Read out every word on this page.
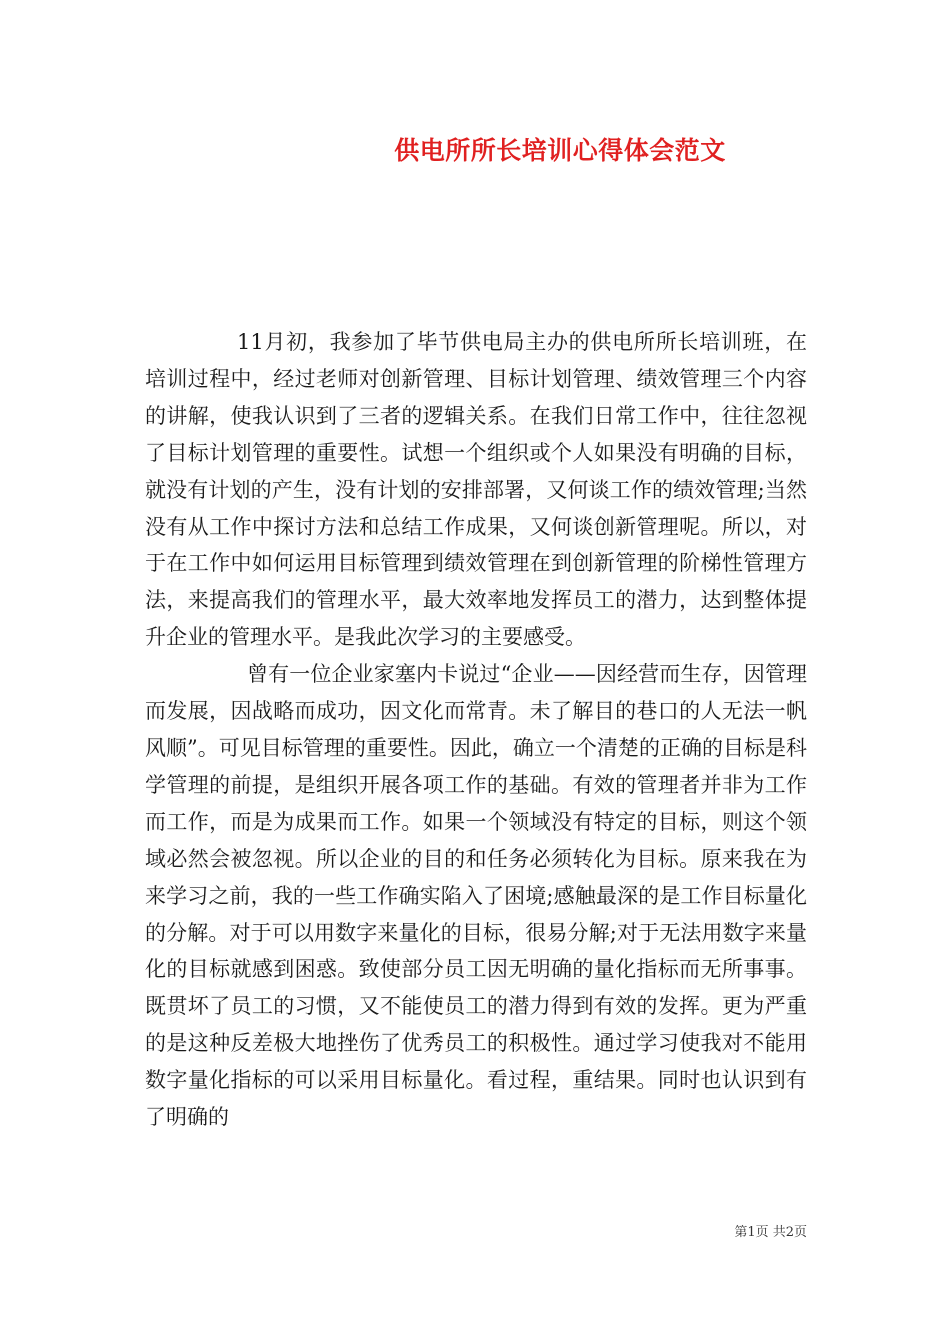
供电所所长培训心得体会范文

11月初，我参加了毕节供电局主办的供电所所长培训班，在培训过程中，经过老师对创新管理、目标计划管理、绩效管理三个内容的讲解，使我认识到了三者的逻辑关系。在我们日常工作中，往往忽视了目标计划管理的重要性。试想一个组织或个人如果没有明确的目标，就没有计划的产生，没有计划的安排部署，又何谈工作的绩效管理;当然没有从工作中探讨方法和总结工作成果，又何谈创新管理呢。所以，对于在工作中如何运用目标管理到绩效管理在到创新管理的阶梯性管理方法，来提高我们的管理水平，最大效率地发挥员工的潜力，达到整体提升企业的管理水平。是我此次学习的主要感受。

曾有一位企业家塞内卡说过“企业——因经营而生存，因管理而发展，因战略而成功，因文化而常青。未了解目的巷口的人无法一帆风顺”。可见目标管理的重要性。因此，确立一个清楚的正确的目标是科学管理的前提，是组织开展各项工作的基础。有效的管理者并非为工作而工作，而是为成果而工作。如果一个领域没有特定的目标，则这个领域必然会被忽视。所以企业的目的和任务必须转化为目标。原来我在为来学习之前，我的一些工作确实陷入了困境;感触最深的是工作目标量化的分解。对于可以用数字来量化的目标，很易分解;对于无法用数字来量化的目标就感到困惑。致使部分员工因无明确的量化指标而无所事事。既贯坏了员工的习惯，又不能使员工的潜力得到有效的发挥。更为严重的是这种反差极大地挫伤了优秀员工的积极性。通过学习使我对不能用数字量化指标的可以采用目标量化。看过程，重结果。同时也认识到有了明确的

第1页 共2页
